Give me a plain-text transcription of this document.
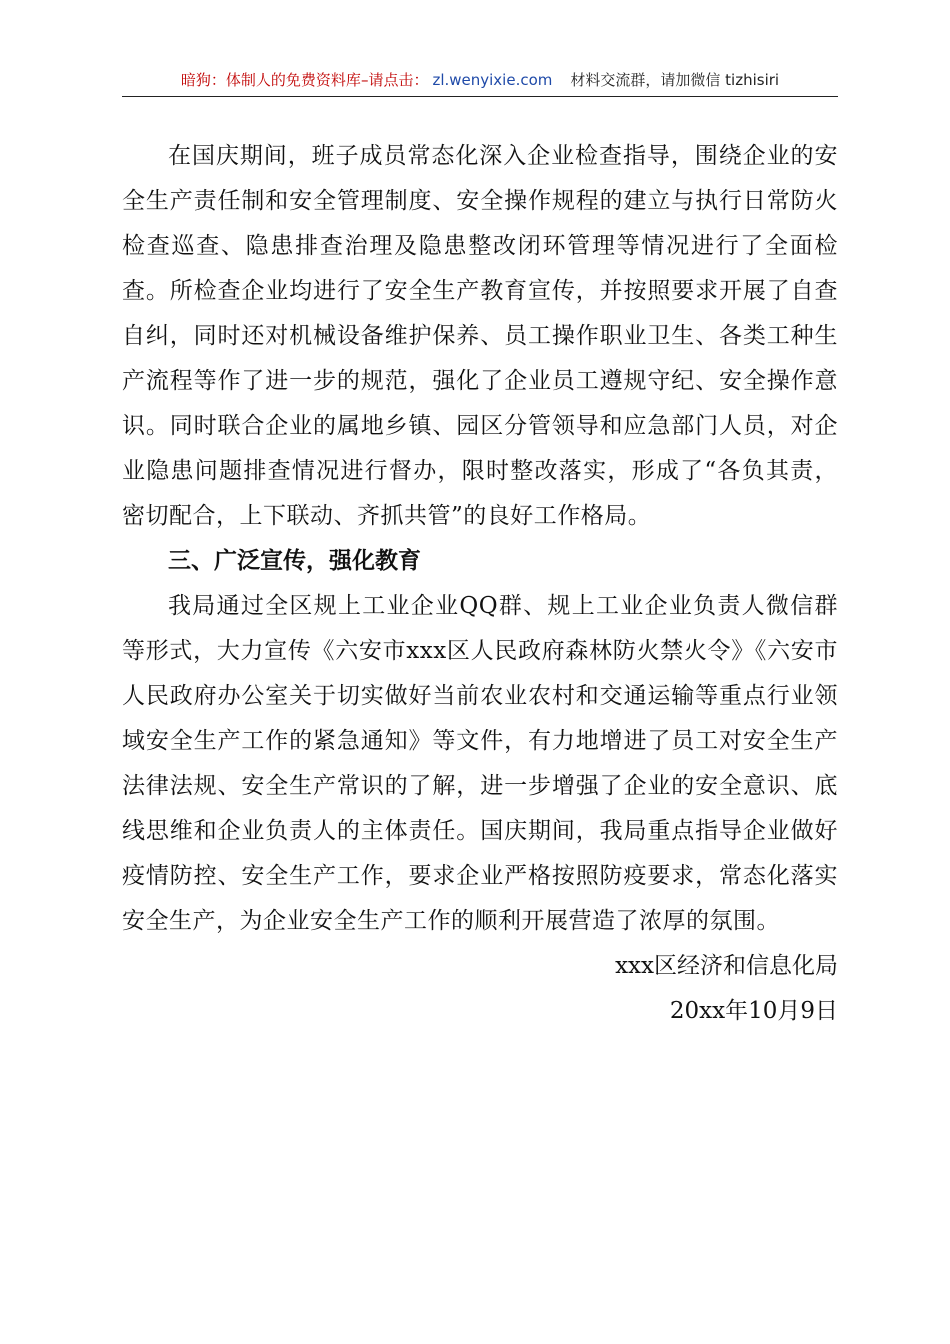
暗狗：体制人的免费资料库–请点击： zl.wenyixie.com 材料交流群，请加微信 tizhisiri

在国庆期间，班子成员常态化深入企业检查指导，围绕企业的安全生产责任制和安全管理制度、安全操作规程的建立与执行日常防火检查巡查、隐患排查治理及隐患整改闭环管理等情况进行了全面检查。所检查企业均进行了安全生产教育宣传，并按照要求开展了自查自纠，同时还对机械设备维护保养、员工操作职业卫生、各类工种生产流程等作了进一步的规范，强化了企业员工遵规守纪、安全操作意识。同时联合企业的属地乡镇、园区分管领导和应急部门人员，对企业隐患问题排查情况进行督办，限时整改落实，形成了“各负其责，密切配合，上下联动、齐抓共管”的良好工作格局。

三、广泛宣传，强化教育

我局通过全区规上工业企业QQ群、规上工业企业负责人微信群等形式，大力宣传《六安市xxx区人民政府森林防火禁火令》《六安市人民政府办公室关于切实做好当前农业农村和交通运输等重点行业领域安全生产工作的紧急通知》等文件，有力地增进了员工对安全生产法律法规、安全生产常识的了解，进一步增强了企业的安全意识、底线思维和企业负责人的主体责任。国庆期间，我局重点指导企业做好疫情防控、安全生产工作，要求企业严格按照防疫要求，常态化落实安全生产，为企业安全生产工作的顺利开展营造了浓厚的氛围。

xxx区经济和信息化局

20xx年10月9日
